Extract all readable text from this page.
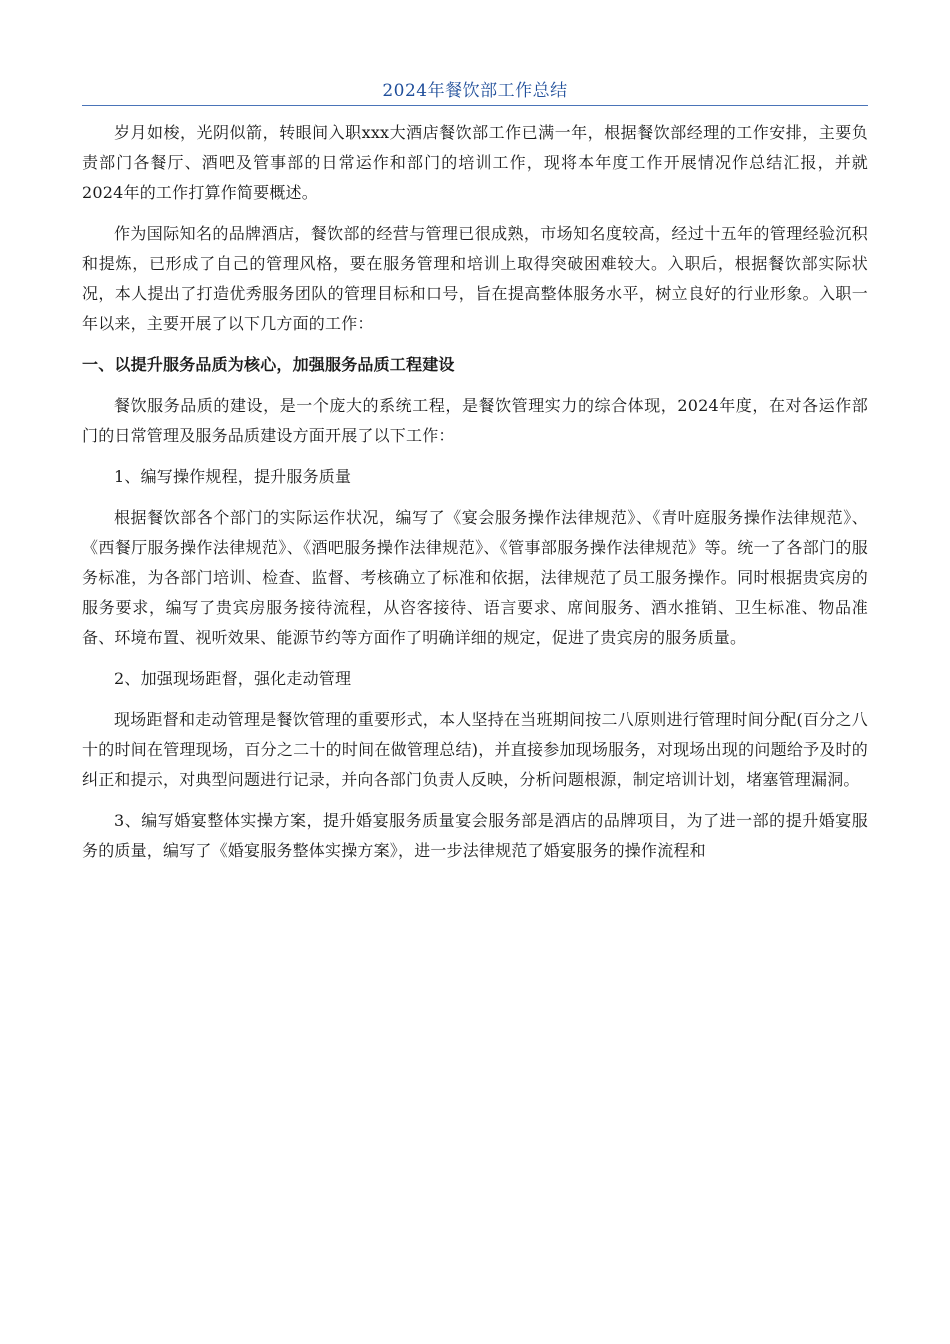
2024年餐饮部工作总结

岁月如梭，光阴似箭，转眼间入职xxx大酒店餐饮部工作已满一年，根据餐饮部经理的工作安排，主要负责部门各餐厅、酒吧及管事部的日常运作和部门的培训工作，现将本年度工作开展情况作总结汇报，并就2024年的工作打算作简要概述。

作为国际知名的品牌酒店，餐饮部的经营与管理已很成熟，市场知名度较高，经过十五年的管理经验沉积和提炼，已形成了自己的管理风格，要在服务管理和培训上取得突破困难较大。入职后，根据餐饮部实际状况，本人提出了打造优秀服务团队的管理目标和口号，旨在提高整体服务水平，树立良好的行业形象。入职一年以来，主要开展了以下几方面的工作：

一、以提升服务品质为核心，加强服务品质工程建设

餐饮服务品质的建设，是一个庞大的系统工程，是餐饮管理实力的综合体现，2024年度，在对各运作部门的日常管理及服务品质建设方面开展了以下工作：

1、编写操作规程，提升服务质量

根据餐饮部各个部门的实际运作状况，编写了《宴会服务操作法律规范》、《青叶庭服务操作法律规范》、《西餐厅服务操作法律规范》、《酒吧服务操作法律规范》、《管事部服务操作法律规范》等。统一了各部门的服务标准，为各部门培训、检查、监督、考核确立了标准和依据，法律规范了员工服务操作。同时根据贵宾房的服务要求，编写了贵宾房服务接待流程，从咨客接待、语言要求、席间服务、酒水推销、卫生标准、物品准备、环境布置、视听效果、能源节约等方面作了明确详细的规定，促进了贵宾房的服务质量。

2、加强现场距督，强化走动管理

现场距督和走动管理是餐饮管理的重要形式，本人坚持在当班期间按二八原则进行管理时间分配(百分之八十的时间在管理现场，百分之二十的时间在做管理总结)，并直接参加现场服务，对现场出现的问题给予及时的纠正和提示，对典型问题进行记录，并向各部门负责人反映，分析问题根源，制定培训计划，堵塞管理漏洞。

3、编写婚宴整体实操方案，提升婚宴服务质量宴会服务部是酒店的品牌项目，为了进一部的提升婚宴服务的质量，编写了《婚宴服务整体实操方案》，进一步法律规范了婚宴服务的操作流程和
